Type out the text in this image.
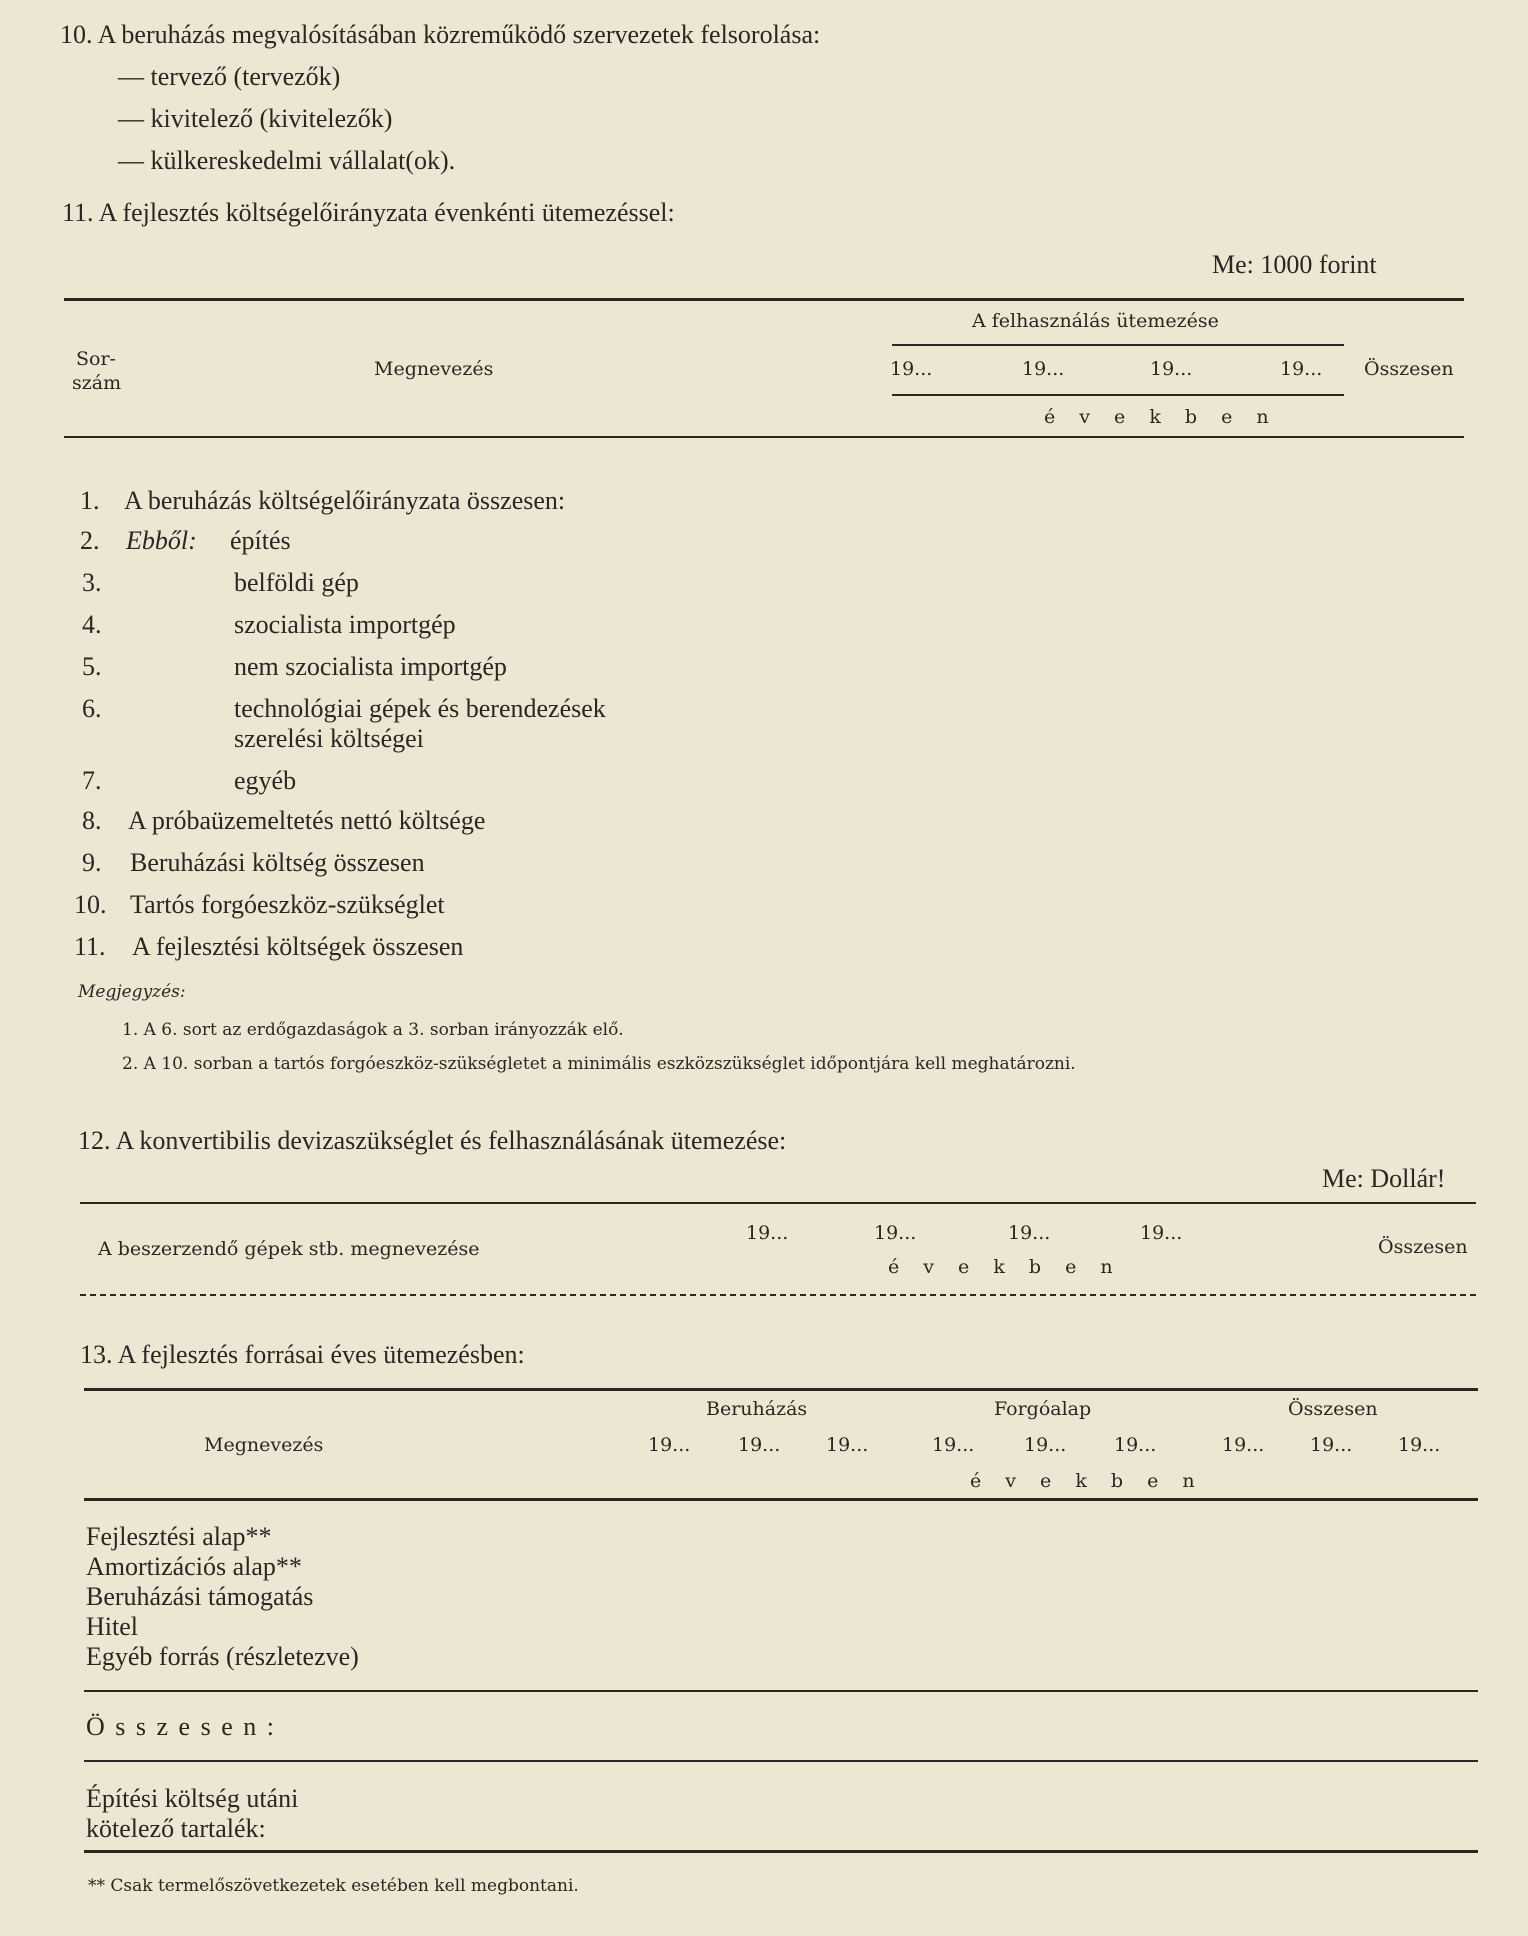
10. A beruházás megvalósításában közreműködő szervezetek felsorolása:
— tervező (tervezők)
— kivitelező (kivitelezők)
— külkereskedelmi vállalat(ok).
11. A fejlesztés költségelőirányzata évenkénti ütemezéssel:
Me: 1000 forint
Sor-
szám
Megnevezés
A felhasználás ütemezése
19...	19...	19...	19... Összesen
é v e k b e n
1. A beruházás költségelőirányzata összesen:
2. Ebből: építés
3.	belföldi gép
4.	szocialista importgép
5.	nem szocialista importgép
6.	technológiai gépek és berendezések
szerelési költségei
7.	egyéb
8. A próbaüzemeltetés nettó költsége
9. Beruházási költség összesen
10. Tartós forgóeszköz-szükséglet
11. A fejlesztési költségek összesen
Megjegyzés:
1. A 6. sort az erdőgazdaságok a 3. sorban irányozzák elő.
2. A 10. sorban a tartós forgóeszköz-szükségletet a minimális eszközszükséglet időpontjára kell meghatározni.
12. A konvertibilis devizaszükséglet és felhasználásának ütemezése:
Me: Dollár!
A beszerzendő gépek stb. megnevezése
19...	19...	19...	19...
é v e k b e n
Összesen
13. A fejlesztés forrásai éves ütemezésben:
Beruházás	Forgóalap	Összesen
Megnevezés	19...	19... 19...	19...	19...	19...	19... 19... 19...
é v e k b e n
Fejlesztési alap**
Amortizációs alap**
Beruházási támogatás
Hitel
Egyéb forrás (részletezve)
Ö s s z e s e n :
Építési költség utáni
kötelező tartalék:
** Csak termelőszövetkezetek esetében kell megbontani.
